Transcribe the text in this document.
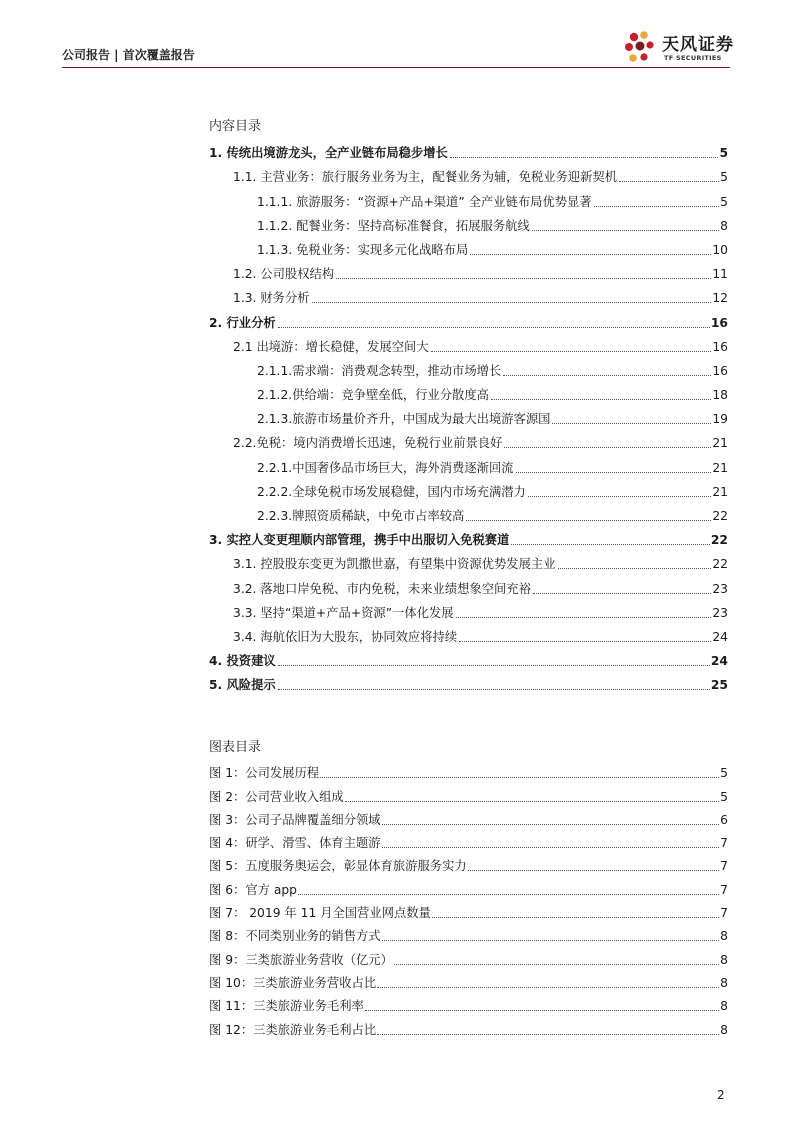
公司报告 | 首次覆盖报告	天风证券
TF SECURITIES
内容目录
1. 传统出境游龙头，全产业链布局稳步增长	5
1.1. 主营业务：旅行服务业务为主，配餐业务为辅，免税业务迎新契机	5
1.1.1. 旅游服务：“资源+产品+渠道” 全产业链布局优势显著	5
1.1.2. 配餐业务：坚持高标准餐食，拓展服务航线	8
1.1.3. 免税业务：实现多元化战略布局	10
1.2. 公司股权结构	11
1.3. 财务分析	12
2. 行业分析	16
2.1 出境游：增长稳健，发展空间大	16
2.1.1.需求端：消费观念转型，推动市场增长	16
2.1.2.供给端：竞争壁垒低，行业分散度高	18
2.1.3.旅游市场量价齐升，中国成为最大出境游客源国	19
2.2.免税：境内消费增长迅速，免税行业前景良好	21
2.2.1.中国奢侈品市场巨大，海外消费逐渐回流	21
2.2.2.全球免税市场发展稳健，国内市场充满潜力	21
2.2.3.牌照资质稀缺，中免市占率较高	22
3. 实控人变更理顺内部管理，携手中出服切入免税赛道	22
3.1. 控股股东变更为凯撒世嘉，有望集中资源优势发展主业	22
3.2. 落地口岸免税、市内免税，未来业绩想象空间充裕	23
3.3. 坚持“渠道+产品+资源”一体化发展	23
3.4. 海航依旧为大股东，协同效应将持续	24
4. 投资建议	24
5. 风险提示	25
图表目录
图 1：公司发展历程	5
图 2：公司营业收入组成	5
图 3：公司子品牌覆盖细分领域	6
图 4：研学、滑雪、体育主题游	7
图 5：五度服务奥运会，彰显体育旅游服务实力	7
图 6：官方 app	7
图 7： 2019 年 11 月全国营业网点数量	7
图 8：不同类别业务的销售方式	8
图 9：三类旅游业务营收（亿元）	8
图 10：三类旅游业务营收占比	8
图 11：三类旅游业务毛利率	8
图 12：三类旅游业务毛利占比	8
2
